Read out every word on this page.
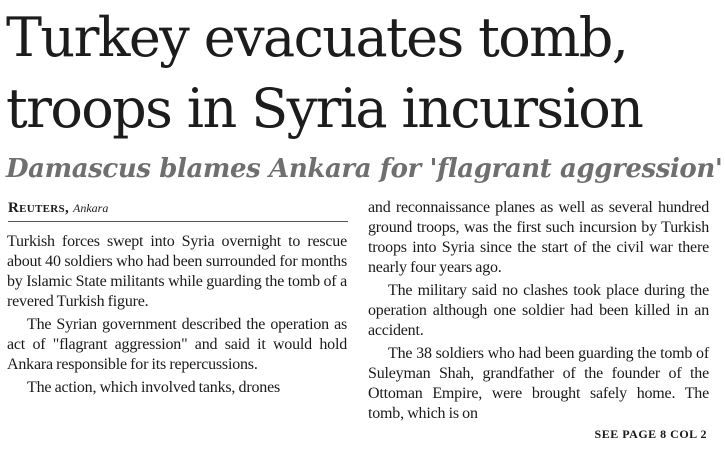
Turkey evacuates tomb,
troops in Syria incursion
Damascus blames Ankara for 'flagrant aggression'
Reuters, Ankara

Turkish forces swept into Syria overnight to rescue about 40 soldiers who had been surrounded for months by Islamic State militants while guarding the tomb of a revered Turkish figure.

The Syrian government described the operation as act of "flagrant aggression" and said it would hold Ankara responsible for its repercussions.

The action, which involved tanks, drones

and reconnaissance planes as well as several hundred ground troops, was the first such incursion by Turkish troops into Syria since the start of the civil war there nearly four years ago.

The military said no clashes took place during the operation although one soldier had been killed in an accident.

The 38 soldiers who had been guarding the tomb of Suleyman Shah, grandfather of the founder of the Ottoman Empire, were brought safely home. The tomb, which is on

SEE PAGE 8 COL 2
